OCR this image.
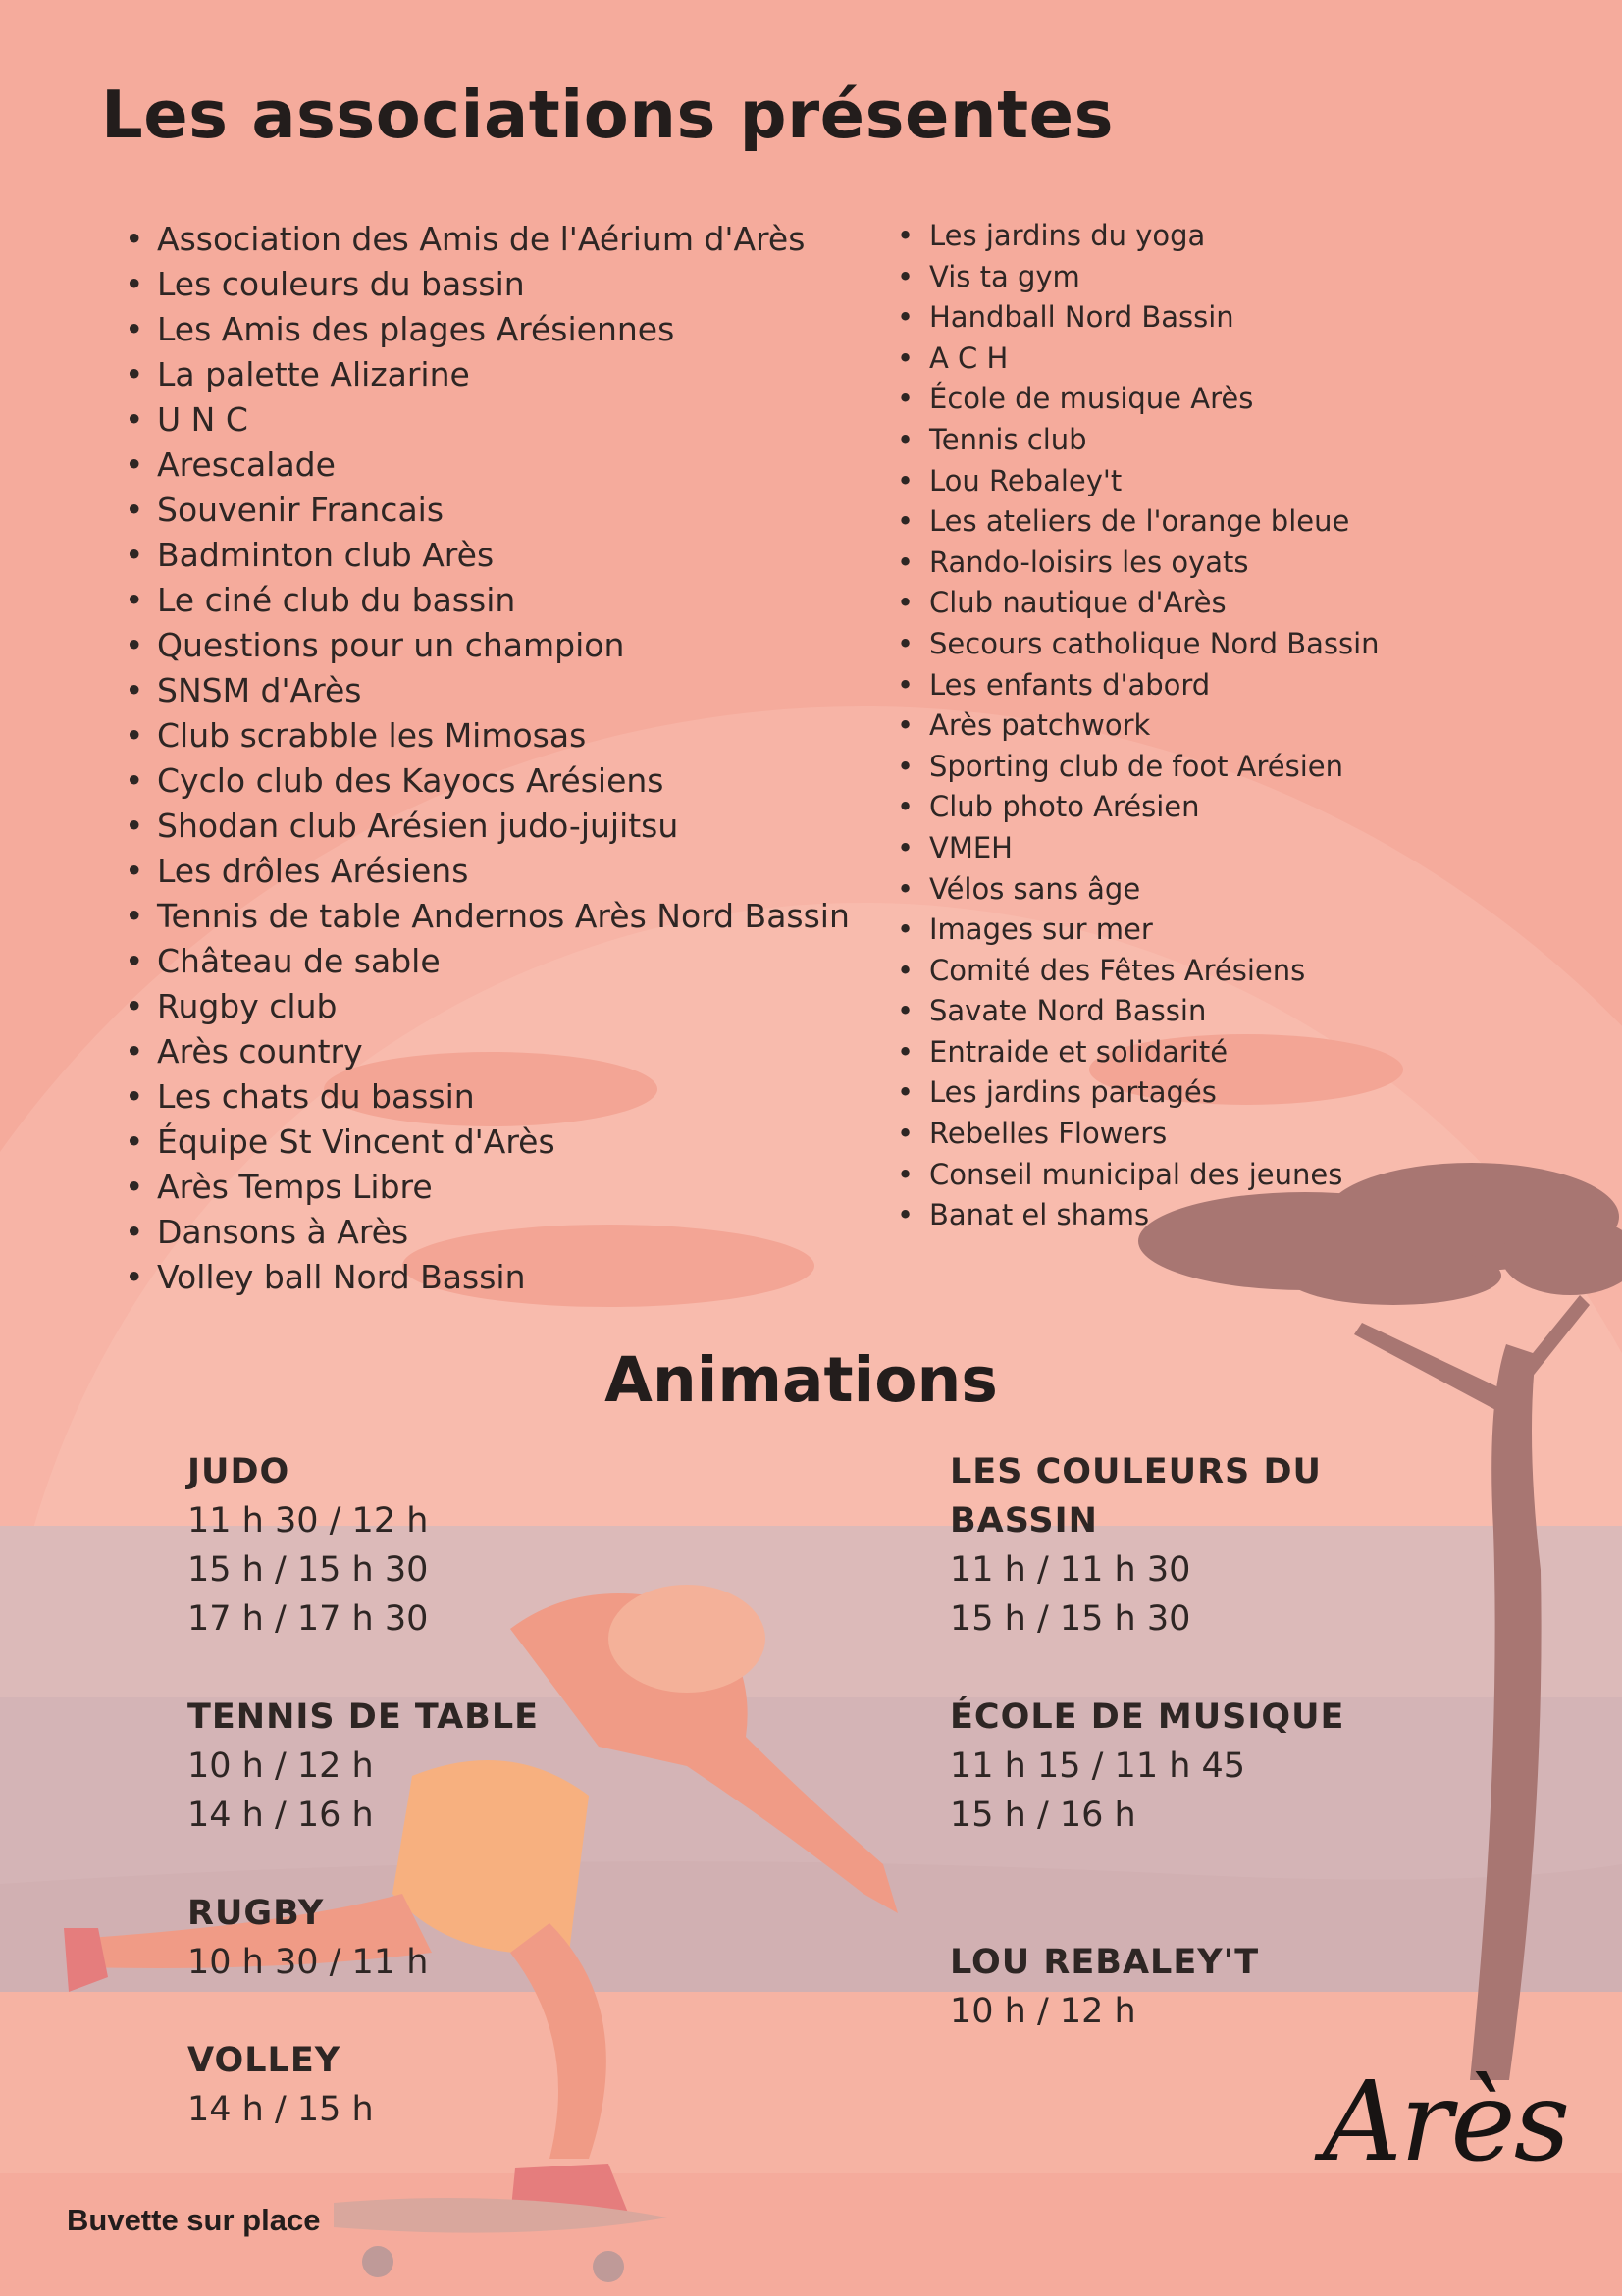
Les associations présentes
• Association des Amis de l'Aérium d'Arès
• Les couleurs du bassin
• Les Amis des plages Arésiennes
• La palette Alizarine
• U N C
• Arescalade
• Souvenir Francais
• Badminton club Arès
• Le ciné club du bassin
• Questions pour un champion
• SNSM d'Arès
• Club scrabble les Mimosas
• Cyclo club des Kayocs Arésiens
• Shodan club Arésien judo-jujitsu
• Les drôles Arésiens
• Tennis de table Andernos Arès Nord Bassin
• Château de sable
• Rugby club
• Arès country
• Les chats du bassin
• Équipe St Vincent d'Arès
• Arès Temps Libre
• Dansons à Arès
• Volley ball Nord Bassin
• Les jardins du yoga
• Vis ta gym
• Handball Nord Bassin
• A C H
• École de musique Arès
• Tennis club
• Lou Rebaley't
• Les ateliers de l'orange bleue
• Rando-loisirs les oyats
• Club nautique d'Arès
• Secours catholique Nord Bassin
• Les enfants d'abord
• Arès patchwork
• Sporting club de foot Arésien
• Club photo Arésien
• VMEH
• Vélos sans âge
• Images sur mer
• Comité des Fêtes Arésiens
• Savate Nord Bassin
• Entraide et solidarité
• Les jardins partagés
• Rebelles Flowers
• Conseil municipal des jeunes
• Banat el shams
Animations
JUDO
11 h 30 / 12 h
15 h / 15 h 30
17 h / 17 h 30
TENNIS DE TABLE
10 h / 12 h
14 h / 16 h
RUGBY
10 h 30 / 11 h
VOLLEY
14 h / 15 h
LES COULEURS DU
BASSIN
11 h / 11 h 30
15 h / 15 h 30
ÉCOLE DE MUSIQUE
11 h 15 / 11 h 45
15 h / 16 h
LOU REBALEY'T
10 h / 12 h
Buvette sur place
Arès
